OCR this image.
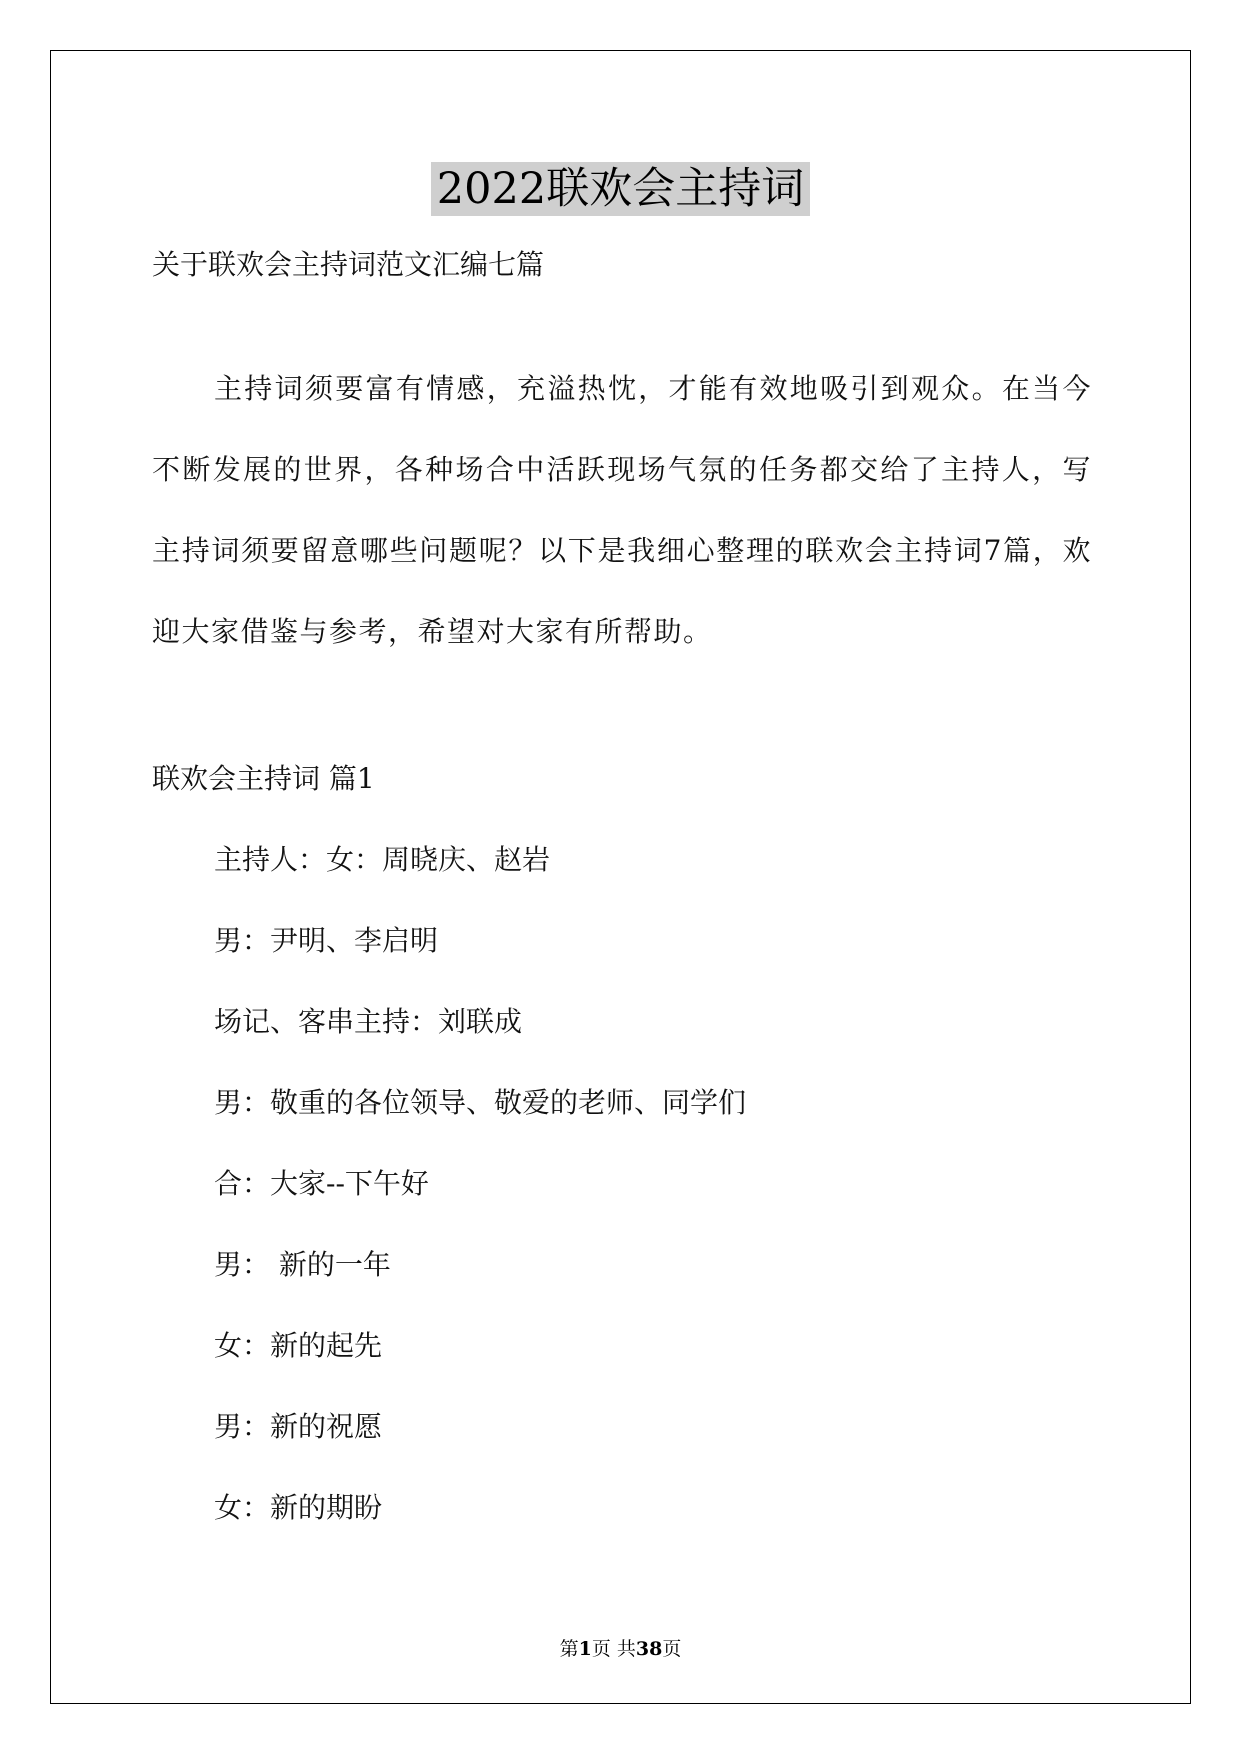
2022联欢会主持词
关于联欢会主持词范文汇编七篇

主持词须要富有情感，充溢热忱，才能有效地吸引到观众。在当今不断发展的世界，各种场合中活跃现场气氛的任务都交给了主持人，写主持词须要留意哪些问题呢？以下是我细心整理的联欢会主持词7篇，欢迎大家借鉴与参考，希望对大家有所帮助。

联欢会主持词 篇1
主持人：女：周晓庆、赵岩
男：尹明、李启明
场记、客串主持：刘联成
男：敬重的各位领导、敬爱的老师、同学们
合：大家--下午好
男： 新的一年
女：新的起先
男：新的祝愿
女：新的期盼
第1页 共38页
